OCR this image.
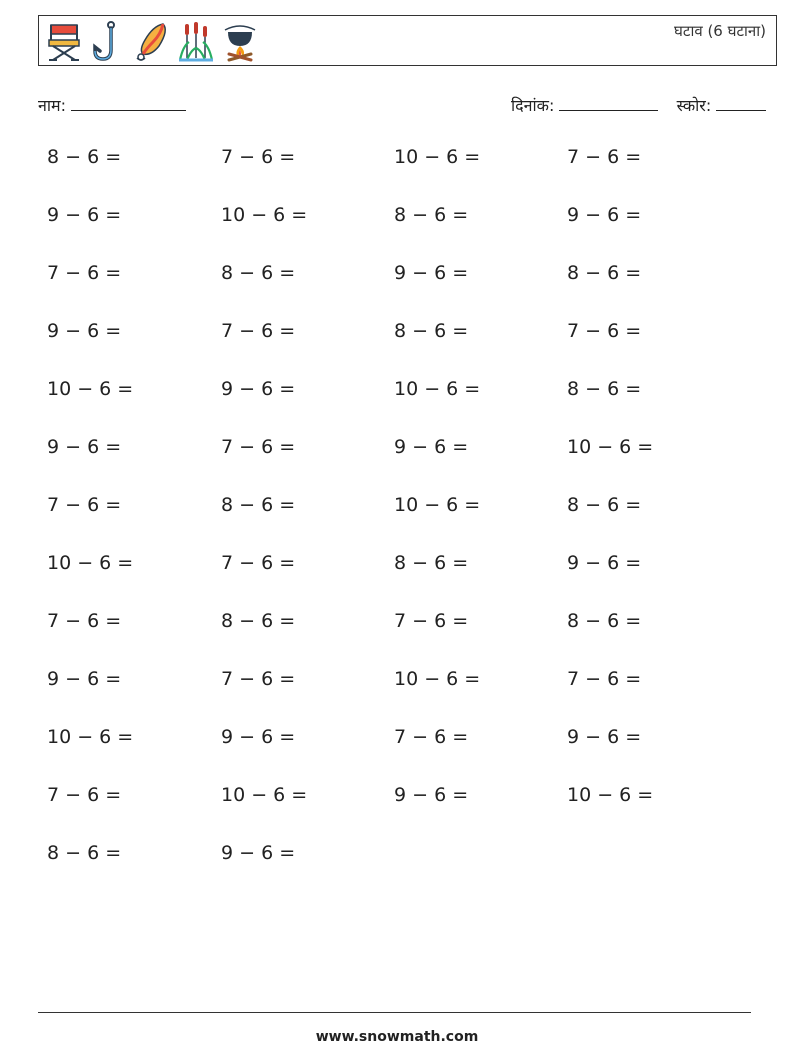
घटाव (6 घटाना)
नाम:	दिनांक:	स्कोर:
8 − 6 =
9 − 6 =
7 − 6 =
9 − 6 =
10 − 6 =
9 − 6 =
7 − 6 =
10 − 6 =
7 − 6 =
9 − 6 =
10 − 6 =
7 − 6 =
8 − 6 =
7 − 6 =
10 − 6 =
8 − 6 =
7 − 6 =
9 − 6 =
7 − 6 =
8 − 6 =
7 − 6 =
8 − 6 =
7 − 6 =
9 − 6 =
10 − 6 =
9 − 6 =
10 − 6 =
8 − 6 =
9 − 6 =
8 − 6 =
10 − 6 =
9 − 6 =
10 − 6 =
8 − 6 =
7 − 6 =
10 − 6 =
7 − 6 =
9 − 6 =
7 − 6 =
9 − 6 =
8 − 6 =
7 − 6 =
8 − 6 =
10 − 6 =
8 − 6 =
9 − 6 =
8 − 6 =
7 − 6 =
9 − 6 =
10 − 6 =
www.snowmath.com
